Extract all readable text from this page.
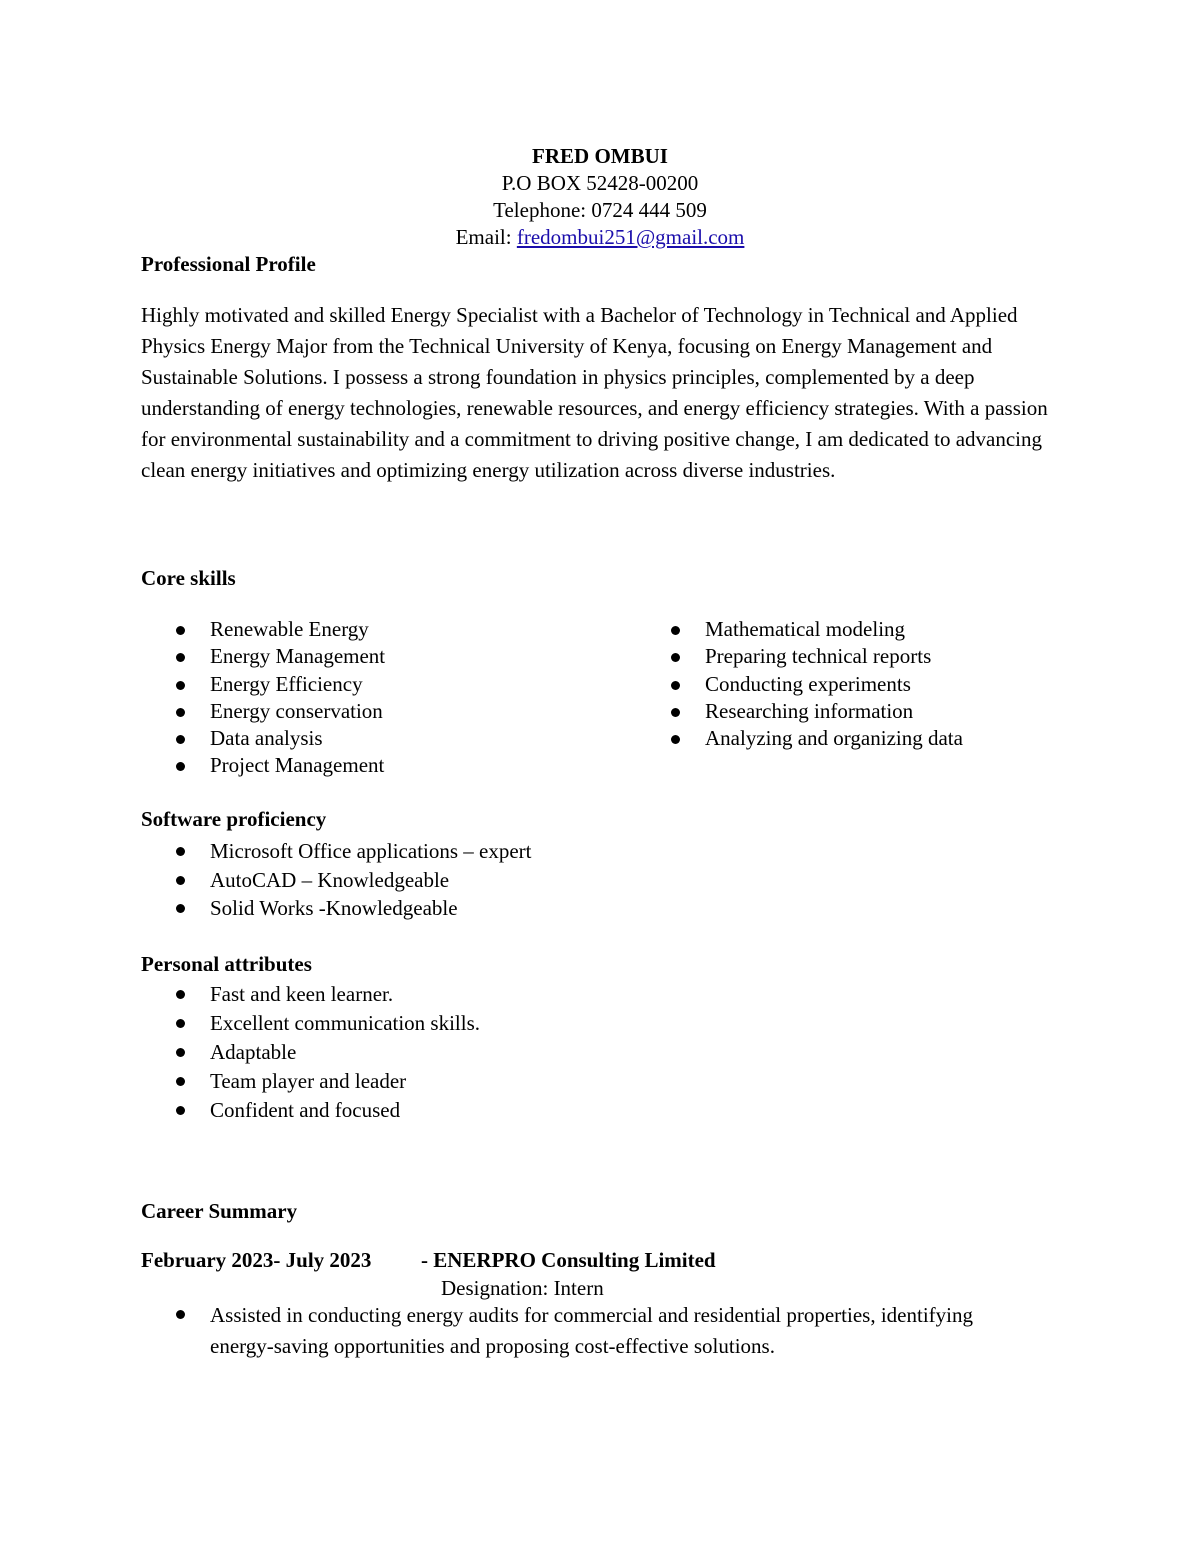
FRED OMBUI
P.O BOX 52428-00200
Telephone: 0724 444 509
Email: fredombui251@gmail.com
Professional Profile

Highly motivated and skilled Energy Specialist with a Bachelor of Technology in Technical and Applied Physics Energy Major from the Technical University of Kenya, focusing on Energy Management and Sustainable Solutions. I possess a strong foundation in physics principles, complemented by a deep understanding of energy technologies, renewable resources, and energy efficiency strategies. With a passion for environmental sustainability and a commitment to driving positive change, I am dedicated to advancing clean energy initiatives and optimizing energy utilization across diverse industries.

Core skills
Renewable Energy
Energy Management
Energy Efficiency
Energy conservation
Data analysis
Project Management
Mathematical modeling
Preparing technical reports
Conducting experiments
Researching information
Analyzing and organizing data
Software proficiency
Microsoft Office applications – expert
AutoCAD – Knowledgeable
Solid Works -Knowledgeable
Personal attributes
Fast and keen learner.
Excellent communication skills.
Adaptable
Team player and leader
Confident and focused
Career Summary
February 2023- July 2023 - ENERPRO Consulting Limited
Designation: Intern
Assisted in conducting energy audits for commercial and residential properties, identifying energy-saving opportunities and proposing cost-effective solutions.
